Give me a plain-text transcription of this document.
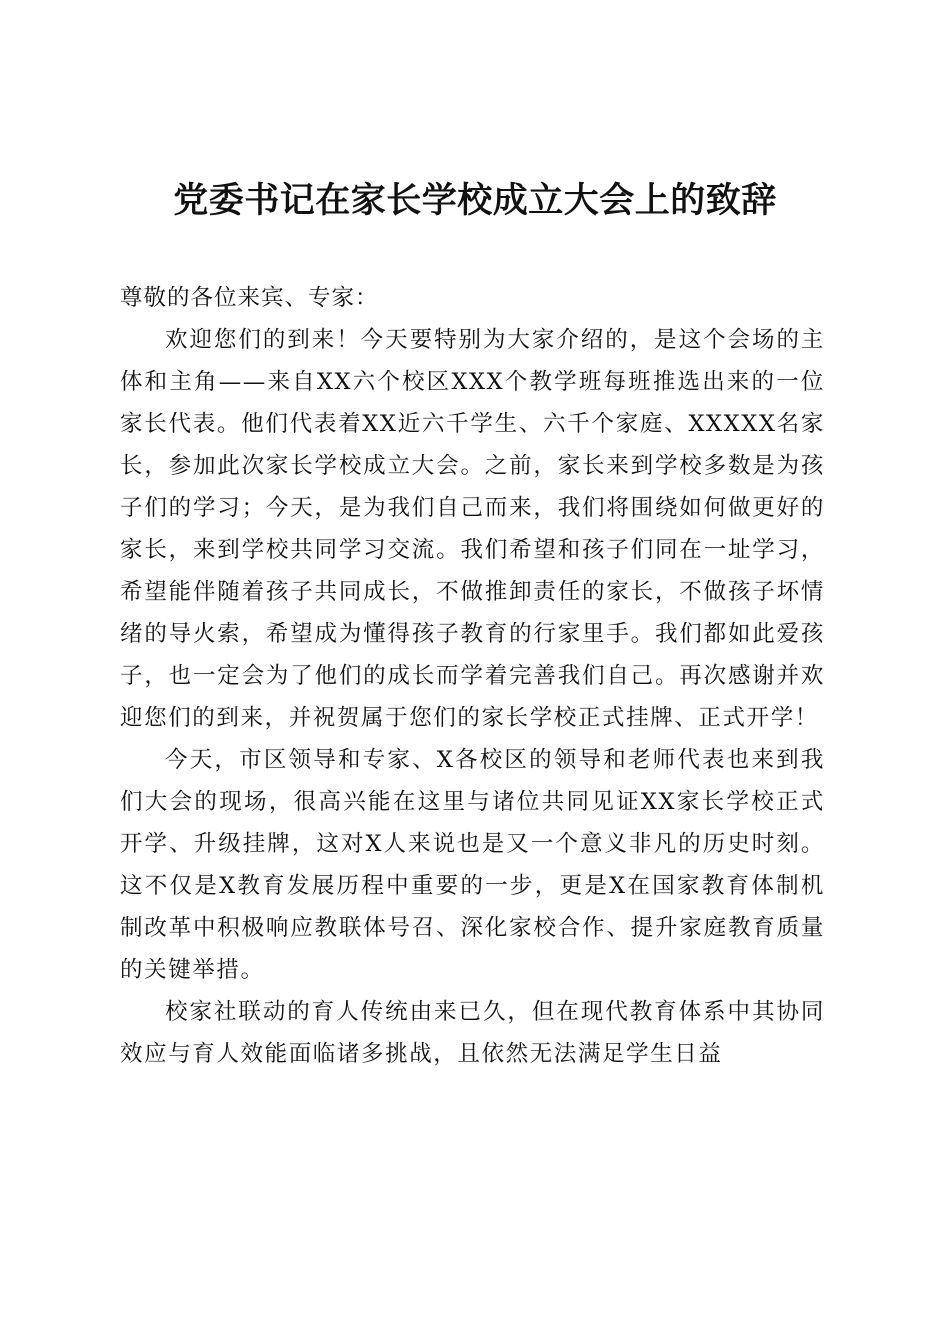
党委书记在家长学校成立大会上的致辞

尊敬的各位来宾、专家：

欢迎您们的到来！今天要特别为大家介绍的，是这个会场的主体和主角——来自XX六个校区XXX个教学班每班推选出来的一位家长代表。他们代表着XX近六千学生、六千个家庭、XXXXX名家长，参加此次家长学校成立大会。之前，家长来到学校多数是为孩子们的学习；今天，是为我们自己而来，我们将围绕如何做更好的家长，来到学校共同学习交流。我们希望和孩子们同在一址学习，希望能伴随着孩子共同成长，不做推卸责任的家长，不做孩子坏情绪的导火索，希望成为懂得孩子教育的行家里手。我们都如此爱孩子，也一定会为了他们的成长而学着完善我们自己。再次感谢并欢迎您们的到来，并祝贺属于您们的家长学校正式挂牌、正式开学！

今天，市区领导和专家、X各校区的领导和老师代表也来到我们大会的现场，很高兴能在这里与诸位共同见证XX家长学校正式开学、升级挂牌，这对X人来说也是又一个意义非凡的历史时刻。这不仅是X教育发展历程中重要的一步，更是X在国家教育体制机制改革中积极响应教联体号召、深化家校合作、提升家庭教育质量的关键举措。

校家社联动的育人传统由来已久，但在现代教育体系中其协同效应与育人效能面临诸多挑战，且依然无法满足学生日益
